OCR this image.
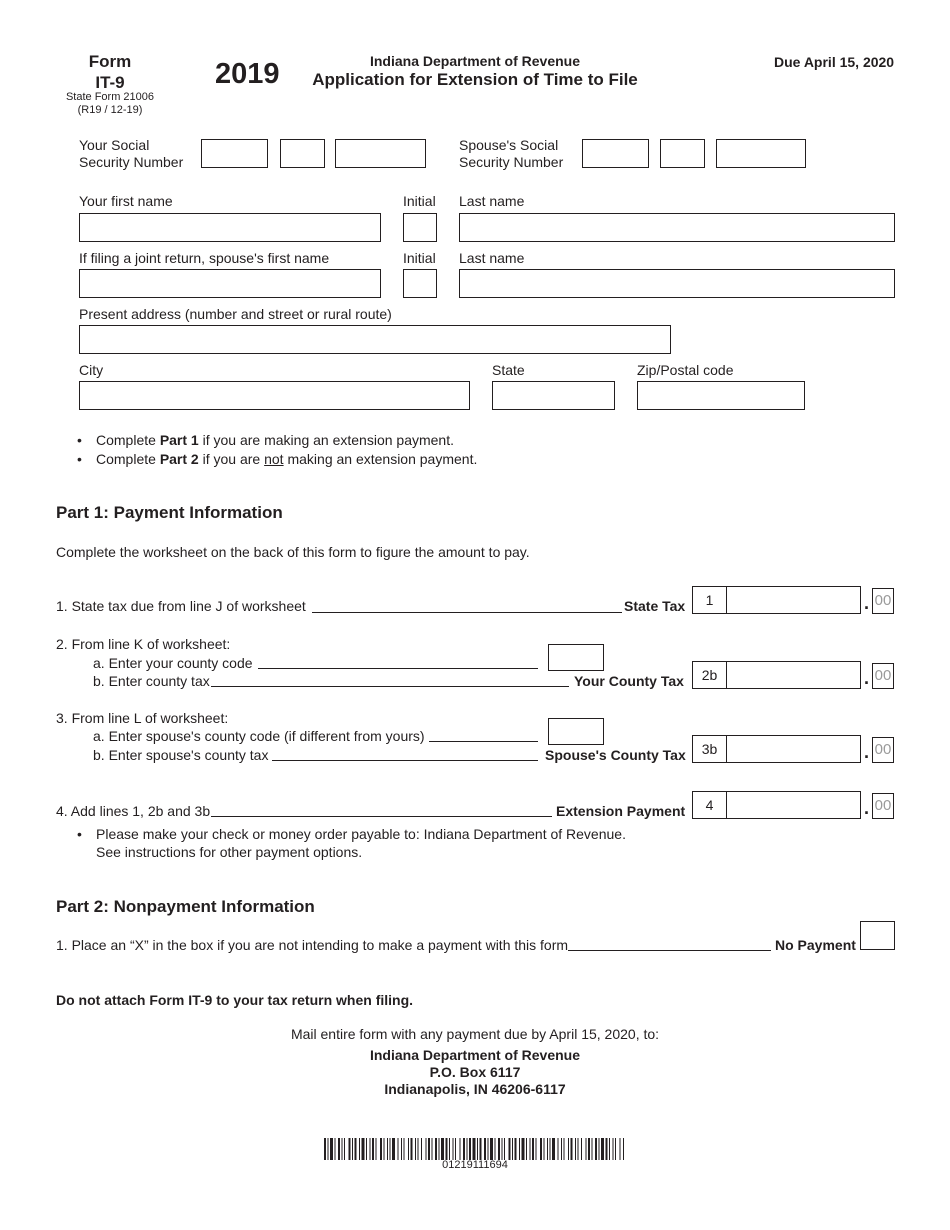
Form
IT-9
State Form 21006
(R19 / 12-19)
2019	Indiana Department of Revenue
Application for Extension of Time to File
Due April 15, 2020
Your Social
Security Number
Spouse's Social
Security Number
Your first name	Initial Last name
If filing a joint return, spouse's first name	Initial Last name
Present address (number and street or rural route)
City	State	Zip/Postal code
• Complete Part 1 if you are making an extension payment.
• Complete Part 2 if you are not making an extension payment.
Part 1: Payment Information
Complete the worksheet on the back of this form to figure the amount to pay.
1. State tax due from line J of worksheet	State Tax	1	. 00
2. From line K of worksheet:
a. Enter your county code
b. Enter county tax	Your County Tax	2b	. 00
3. From line L of worksheet:
a. Enter spouse's county code (if different from yours)
b. Enter spouse's county tax	Spouse's County Tax	3b	. 00
4. Add lines 1, 2b and 3b	Extension Payment	4	. 00
• Please make your check or money order payable to: Indiana Department of Revenue.
See instructions for other payment options.
Part 2: Nonpayment Information
1. Place an “X” in the box if you are not intending to make a payment with this form	No Payment
Do not attach Form IT-9 to your tax return when filing.
Mail entire form with any payment due by April 15, 2020, to:
Indiana Department of Revenue
P.O. Box 6117
Indianapolis, IN 46206-6117
01219111694
